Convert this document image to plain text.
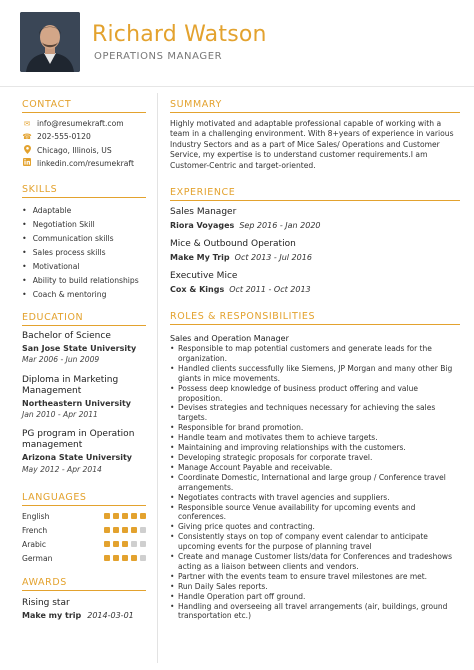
Richard Watson
OPERATIONS MANAGER
CONTACT
✉ info@resumekraft.com
☎ 202-555-0120
Chicago, Illinois, US
linkedin.com/resumekraft
SKILLS
• Adaptable
• Negotiation Skill
• Communication skills
• Sales process skills
• Motivational
• Ability to build relationships
• Coach & mentoring
EDUCATION
Bachelor of Science
San Jose State University
Mar 2006 - Jun 2009
Diploma in Marketing Management
Northeastern University
Jan 2010 - Apr 2011
PG program in Operation management
Arizona State University
May 2012 - Apr 2014
LANGUAGES
English
French
Arabic
German
AWARDS
Rising star
Make my trip 2014-03-01
SUMMARY
Highly motivated and adaptable professional capable of working with a team in a challenging environment. With 8+years of experience in various Industry Sectors and as a part of Mice Sales/ Operations and Customer Service, my expertise is to understand customer requirements.I am Customer-Centric and target-oriented.
EXPERIENCE
Sales Manager
Riora Voyages Sep 2016 - Jan 2020
Mice & Outbound Operation
Make My Trip Oct 2013 - Jul 2016
Executive Mice
Cox & Kings Oct 2011 - Oct 2013
ROLES & RESPONSIBILITIES
Sales and Operation Manager
• Responsible to map potential customers and generate leads for the organization.
• Handled clients successfully like Siemens, JP Morgan and many other Big giants in mice movements.
• Possess deep knowledge of business product offering and value proposition.
• Devises strategies and techniques necessary for achieving the sales targets.
• Responsible for brand promotion.
• Handle team and motivates them to achieve targets.
• Maintaining and improving relationships with the customers.
• Developing strategic proposals for corporate travel.
• Manage Account Payable and receivable.
• Coordinate Domestic, International and large group / Conference travel arrangements.
• Negotiates contracts with travel agencies and suppliers.
• Responsible source Venue availability for upcoming events and conferences.
• Giving price quotes and contracting.
• Consistently stays on top of company event calendar to anticipate upcoming events for the purpose of planning travel
• Create and manage Customer lists/data for Conferences and tradeshows acting as a liaison between clients and vendors.
• Partner with the events team to ensure travel milestones are met.
• Run Daily Sales reports.
• Handle Operation part off ground.
• Handling and overseeing all travel arrangements (air, buildings, ground transportation etc.)
